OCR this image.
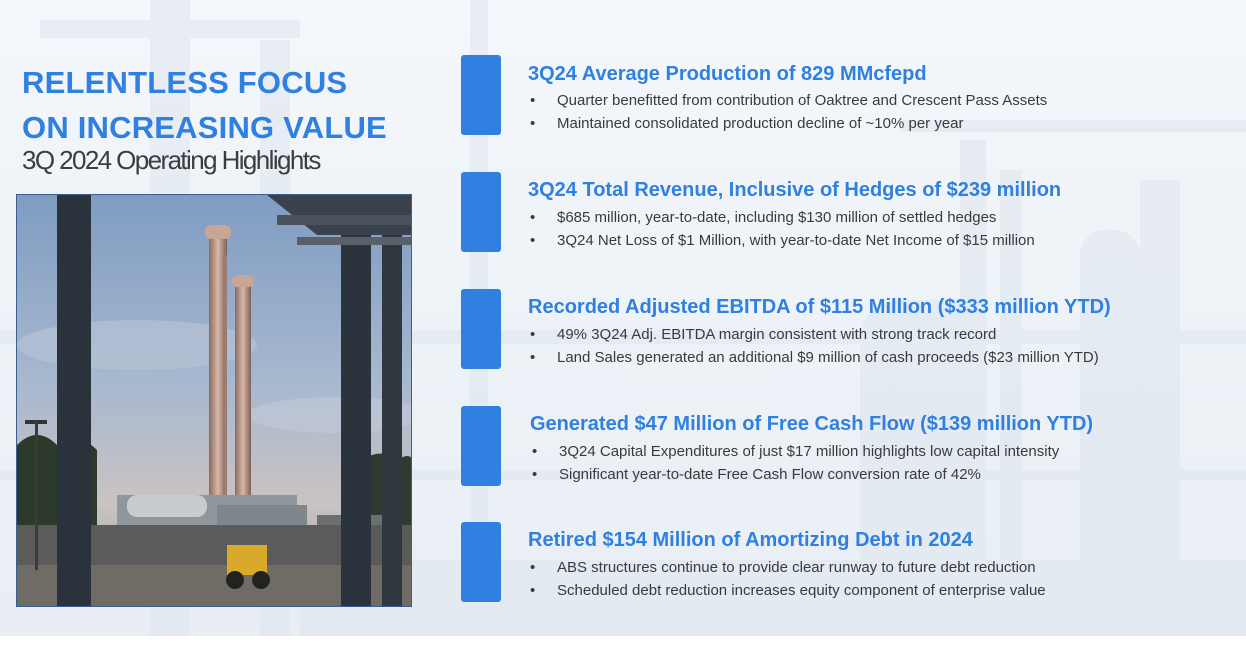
RELENTLESS FOCUS
ON INCREASING VALUE
3Q 2024 Operating Highlights
3Q24 Average Production of 829 MMcfepd
• Quarter benefitted from contribution of Oaktree and Crescent Pass Assets
• Maintained consolidated production decline of ~10% per year
3Q24 Total Revenue, Inclusive of Hedges of $239 million
• $685 million, year-to-date, including $130 million of settled hedges
• 3Q24 Net Loss of $1 Million, with year-to-date Net Income of $15 million
Recorded Adjusted EBITDA of $115 Million ($333 million YTD)
• 49% 3Q24 Adj. EBITDA margin consistent with strong track record
• Land Sales generated an additional $9 million of cash proceeds ($23 million YTD)
Generated $47 Million of Free Cash Flow ($139 million YTD)
• 3Q24 Capital Expenditures of just $17 million highlights low capital intensity
• Significant year-to-date Free Cash Flow conversion rate of 42%
Retired $154 Million of Amortizing Debt in 2024
• ABS structures continue to provide clear runway to future debt reduction
• Scheduled debt reduction increases equity component of enterprise value
